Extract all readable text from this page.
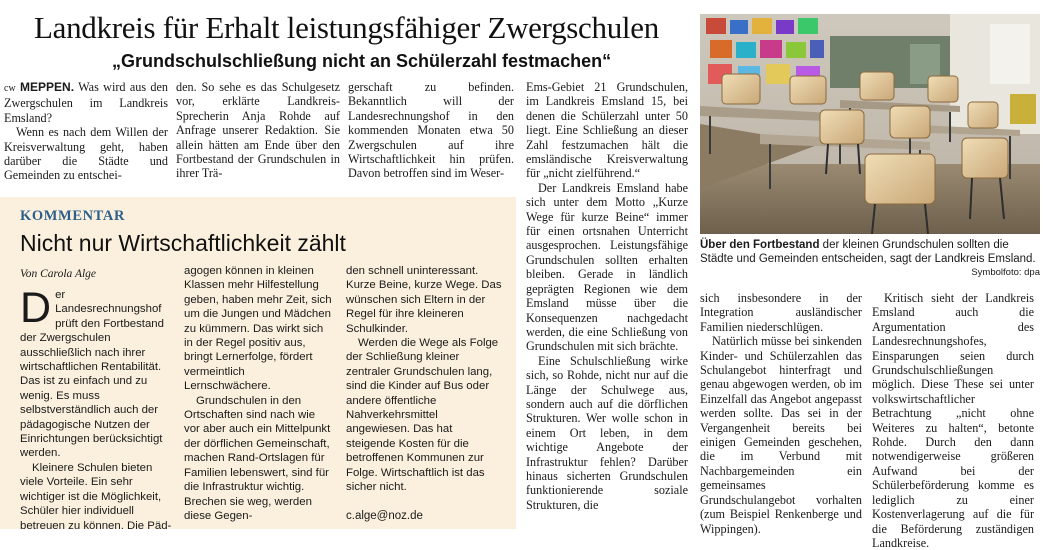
Landkreis für Erhalt leistungsfähiger Zwergschulen
„Grundschulschließung nicht an Schülerzahl festmachen“

cw MEPPEN. Was wird aus den Zwergschulen im Landkreis Emsland?

Wenn es nach dem Willen der Kreisverwaltung geht, haben darüber die Städte und Gemeinden zu entschei-

den. So sehe es das Schulgesetz vor, erklärte Landkreis-Sprecherin Anja Rohde auf Anfrage unserer Redaktion. Sie allein hätten am Ende über den Fortbestand der Grundschulen in ihrer Trä-

gerschaft zu befinden. Bekanntlich will der Landesrechnungshof in den kommenden Monaten etwa 50 Zwergschulen auf ihre Wirtschaftlichkeit hin prüfen. Davon betroffen sind im Weser-

Ems-Gebiet 21 Grundschulen, im Landkreis Emsland 15, bei denen die Schülerzahl unter 50 liegt. Eine Schließung an dieser Zahl festzumachen hält die emsländische Kreisverwaltung für „nicht zielführend.“

Der Landkreis Emsland habe sich unter dem Motto „Kurze Wege für kurze Beine“ immer für einen ortsnahen Unterricht ausgesprochen. Leistungsfähige Grundschulen sollten erhalten bleiben. Gerade in ländlich geprägten Regionen wie dem Emsland müsse über die Konsequenzen nachgedacht werden, die eine Schließung von Grundschulen mit sich brächte.

Eine Schulschließung wirke sich, so Rohde, nicht nur auf die Länge der Schulwege aus, sondern auch auf die dörflichen Strukturen. Wer wolle schon in einem Ort leben, in dem wichtige Angebote der Infrastruktur fehlen? Darüber hinaus sicherten Grundschulen funktionierende soziale Strukturen, die

sich insbesondere in der Integration ausländischer Familien niederschlügen.

Natürlich müsse bei sinkenden Kinder- und Schülerzahlen das Schulangebot hinterfragt und genau abgewogen werden, ob im Einzelfall das Angebot angepasst werden sollte. Das sei in der Vergangenheit bereits bei einigen Gemeinden geschehen, die im Verbund mit Nachbargemeinden ein gemeinsames Grundschulangebot vorhalten (zum Beispiel Renkenberge und Wippingen).

Kritisch sieht der Landkreis Emsland auch die Argumentation des Landesrechnungshofes, Einsparungen seien durch Grundschulschließungen möglich. Diese These sei unter volkswirtschaftlicher Betrachtung „nicht ohne Weiteres zu halten“, betonte Rohde. Durch den dann notwendigerweise größeren Aufwand bei der Schülerbeförderung komme es lediglich zu einer Kostenverlagerung auf die für die Beförderung zuständigen Landkreise.

KOMMENTAR
Nicht nur Wirtschaftlichkeit zählt
Von Carola Alge

Der Landesrechnungshof prüft den Fortbestand der Zwergschulen ausschließlich nach ihrer wirtschaftlichen Rentabilität. Das ist zu einfach und zu wenig. Es muss selbstverständlich auch der pädagogische Nutzen der Einrichtungen berücksichtigt werden.

Kleinere Schulen bieten viele Vorteile. Ein sehr wichtiger ist die Möglichkeit, Schüler hier individuell betreuen zu können. Die Päd-

agogen können in kleinen Klassen mehr Hilfestellung geben, haben mehr Zeit, sich um die Jungen und Mädchen zu kümmern. Das wirkt sich in der Regel positiv aus, bringt Lernerfolge, fördert vermeintlich Lernschwächere.

Grundschulen in den Ortschaften sind nach wie vor aber auch ein Mittelpunkt der dörflichen Gemeinschaft, machen Rand-Ortslagen für Familien lebenswert, sind für die Infrastruktur wichtig. Brechen sie weg, werden diese Gegen-

den schnell uninteressant. Kurze Beine, kurze Wege. Das wünschen sich Eltern in der Regel für ihre kleineren Schulkinder.

Werden die Wege als Folge der Schließung kleiner zentraler Grundschulen lang, sind die Kinder auf Bus oder andere öffentliche Nahverkehrsmittel angewiesen. Das hat steigende Kosten für die betroffenen Kommunen zur Folge. Wirtschaftlich ist das sicher nicht.

c.alge@noz.de

Über den Fortbestand der kleinen Grundschulen sollten die Städte und Gemeinden entscheiden, sagt der Landkreis Emsland.
Symbolfoto: dpa
